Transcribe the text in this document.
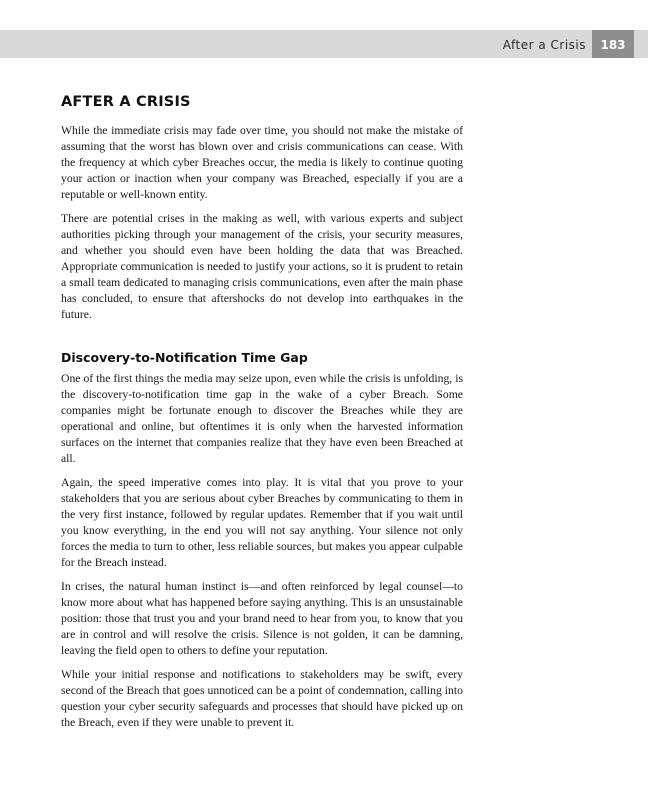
After a Crisis	183
AFTER A CRISIS

While the immediate crisis may fade over time, you should not make the mistake of assuming that the worst has blown over and crisis communications can cease. With the frequency at which cyber Breaches occur, the media is likely to continue quoting your action or inaction when your company was Breached, especially if you are a reputable or well-known entity.

There are potential crises in the making as well, with various experts and subject authorities picking through your management of the crisis, your security measures, and whether you should even have been holding the data that was Breached. Appropriate communication is needed to justify your actions, so it is prudent to retain a small team dedicated to managing crisis communications, even after the main phase has concluded, to ensure that aftershocks do not develop into earthquakes in the future.

Discovery-to-Notification Time Gap

One of the first things the media may seize upon, even while the crisis is unfolding, is the discovery-to-notification time gap in the wake of a cyber Breach. Some companies might be fortunate enough to discover the Breaches while they are operational and online, but oftentimes it is only when the harvested information surfaces on the internet that companies realize that they have even been Breached at all.

Again, the speed imperative comes into play. It is vital that you prove to your stakeholders that you are serious about cyber Breaches by communicating to them in the very first instance, followed by regular updates. Remember that if you wait until you know everything, in the end you will not say anything. Your silence not only forces the media to turn to other, less reliable sources, but makes you appear culpable for the Breach instead.

In crises, the natural human instinct is—and often reinforced by legal counsel—to know more about what has happened before saying anything. This is an unsustainable position: those that trust you and your brand need to hear from you, to know that you are in control and will resolve the crisis. Silence is not golden, it can be damning, leaving the field open to others to define your reputation.

While your initial response and notifications to stakeholders may be swift, every second of the Breach that goes unnoticed can be a point of condemnation, calling into question your cyber security safeguards and processes that should have picked up on the Breach, even if they were unable to prevent it.
